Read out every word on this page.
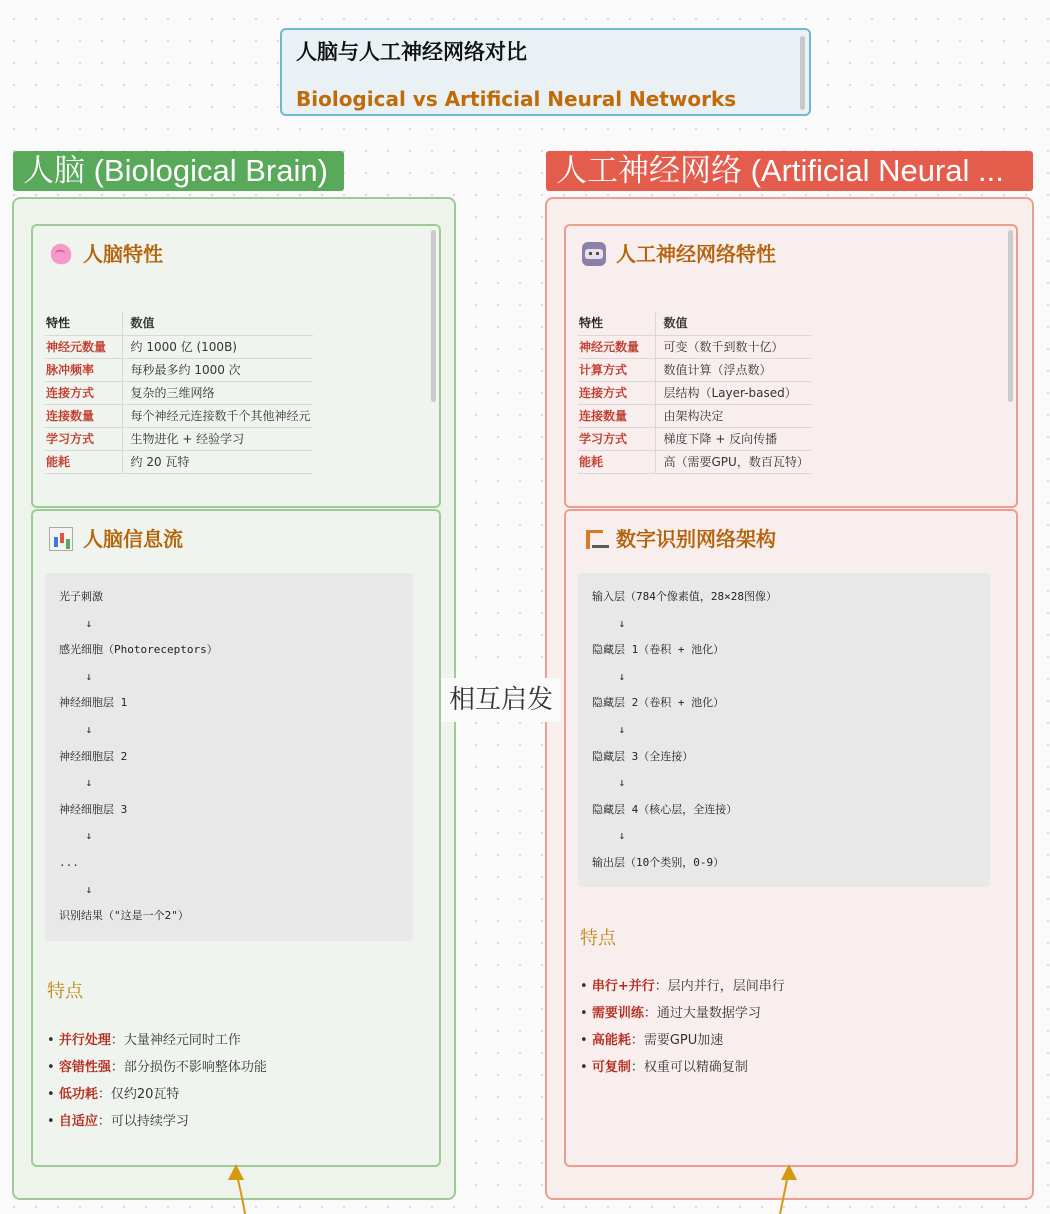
人脑与人工神经网络对比
Biological vs Artificial Neural Networks
人脑 (Biological Brain)	人工神经网络 (Artificial Neural ...
人脑特性
特性	数值
神经元数量	约 1000 亿 (100B)
脉冲频率	每秒最多约 1000 次
连接方式	复杂的三维网络
连接数量	每个神经元连接数千个其他神经元
学习方式	生物进化 + 经验学习
能耗	约 20 瓦特
人脑信息流
光子刺激
↓
感光细胞（Photoreceptors）
↓
神经细胞层 1
↓
神经细胞层 2
↓
神经细胞层 3
↓
...
↓
识别结果（"这是一个2"）
特点
• 并行处理：大量神经元同时工作
• 容错性强：部分损伤不影响整体功能
• 低功耗：仅约20瓦特
• 自适应：可以持续学习
人工神经网络特性
特性	数值
神经元数量	可变（数千到数十亿）
计算方式	数值计算（浮点数）
连接方式	层结构（Layer-based）
连接数量	由架构决定
学习方式	梯度下降 + 反向传播
能耗	高（需要GPU，数百瓦特）
数字识别网络架构
输入层（784个像素值，28×28图像）
↓
隐藏层 1（卷积 + 池化）
↓
隐藏层 2（卷积 + 池化）
↓
隐藏层 3（全连接）
↓
隐藏层 4（核心层，全连接）
↓
输出层（10个类别，0-9）
特点
• 串行+并行：层内并行，层间串行
• 需要训练：通过大量数据学习
• 高能耗：需要GPU加速
• 可复制：权重可以精确复制
相互启发
